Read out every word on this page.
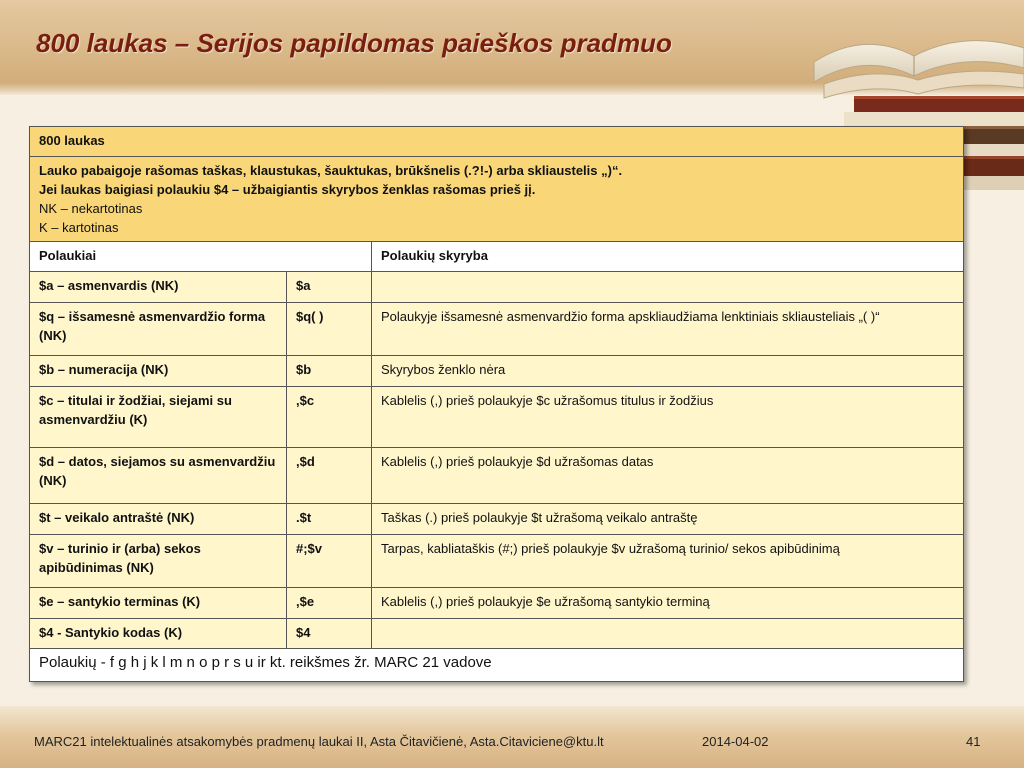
800 laukas – Serijos papildomas paieškos pradmuo
800 laukas		

Lauko pabaigoje rašomas taškas, klaustukas, šauktukas, brūkšnelis (.?!-) arba skliaustelis „)“.
Jei laukas baigiasi polaukiu $4 – užbaigiantis skyrybos ženklas rašomas prieš jį.
NK – nekartotinas
K – kartotinas		

Polaukiai		Polaukių skyryba
$a – asmenvardis (NK)	$a	
$q – išsamesnė asmenvardžio forma (NK)	$q( )	Polaukyje išsamesnė asmenvardžio forma apskliaudžiama lenktiniais skliausteliais „( )“
$b – numeracija (NK)	$b	Skyrybos ženklo nėra
$c – titulai ir žodžiai, siejami su asmenvardžiu (K)	,$c	Kablelis (,) prieš polaukyje $c užrašomus titulus ir žodžius
$d – datos, siejamos su asmenvardžiu (NK)	,$d	Kablelis (,) prieš polaukyje $d užrašomas datas
$t – veikalo antraštė (NK)	.$t	Taškas (.) prieš polaukyje $t užrašomą veikalo antraštę
$v – turinio ir (arba) sekos apibūdinimas (NK)	#;$v	Tarpas, kabliataškis (#;) prieš polaukyje $v užrašomą turinio/ sekos apibūdinimą
$e – santykio terminas (K)	,$e	Kablelis (,) prieš polaukyje $e užrašomą santykio terminą
$4 - Santykio kodas (K)	$4	
Polaukių - f g h j k l m n o p r s u ir kt. reikšmes žr. MARC 21 vadove		
MARC21 intelektualinės atsakomybės pradmenų laukai II, Asta Čitavičienė, Asta.Citaviciene@ktu.lt	2014-04-02	41
